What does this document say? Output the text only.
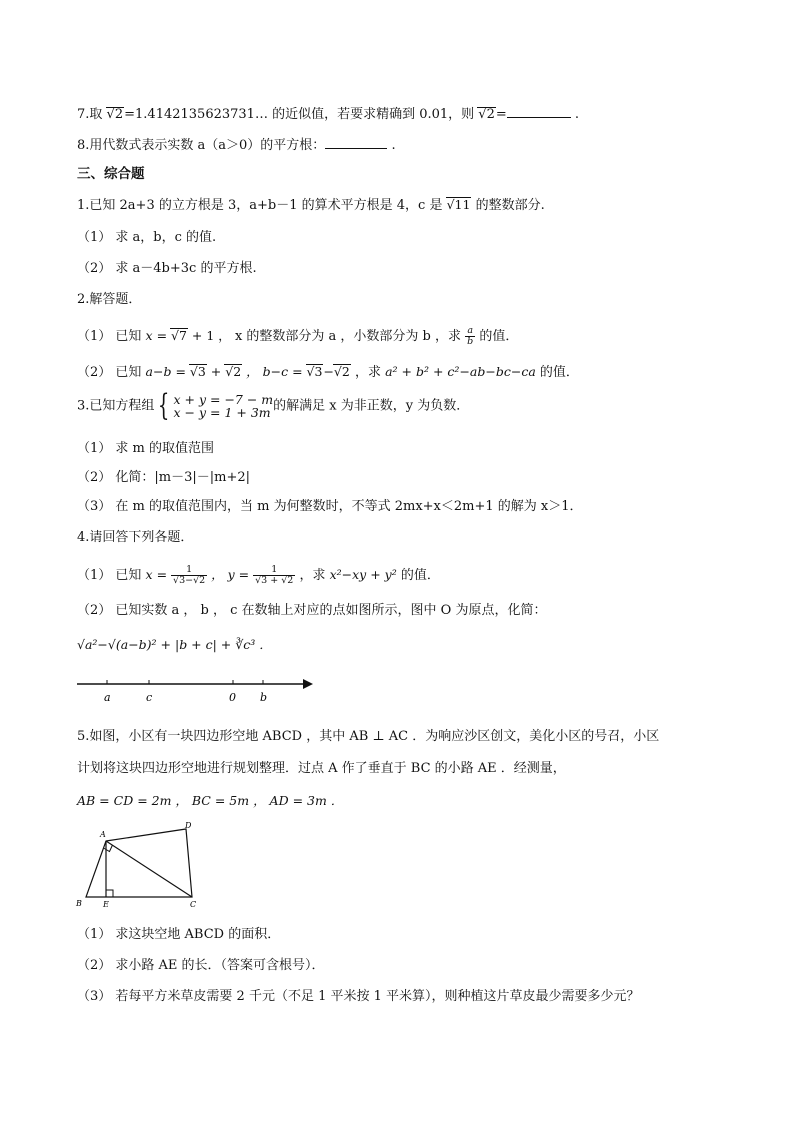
7.取 √2=1.4142135623731… 的近似值，若要求精确到 0.01，则 √2=	.
8.用代数式表示实数 a（a＞0）的平方根：	.
三、综合题
1.已知 2a+3 的立方根是 3，a+b－1 的算术平方根是 4，c 是 √11 的整数部分.
（1） 求 a，b，c 的值.
（2） 求 a－4b+3c 的平方根.
2.解答题．
（1） 已知 x = √7 + 1 ， x 的整数部分为 a ，小数部分为 b ，求 $\frac{a}{b}$ 的值．
（2） 已知 a−b = √3 + √2 ， b−c = √3−√2 ，求 a² + b² + c²−ab−bc−ca 的值．
3.已知方程组 { x + y = −7 − m
x − y = 1 + 3m 的解满足 x 为非正数，y 为负数．
（1） 求 m 的取值范围
（2） 化简：|m－3|－|m+2|
（3） 在 m 的取值范围内，当 m 为何整数时，不等式 2mx+x＜2m+1 的解为 x＞1．
4.请回答下列各题．
（1） 已知 $x = \frac{1}{√3-√2}$ ， $y = \frac{1}{√3 + √2}$ ，求 x²−xy + y² 的值．
（2） 已知实数 a ， b ， c 在数轴上对应的点如图所示，图中 O 为原点，化简：
√a²−√(a−b)² + |b + c| + ∛c³ ．
a	c	0 b
5.如图，小区有一块四边形空地 ABCD ，其中 AB ⊥ AC ．为响应沙区创文，美化小区的号召，小区
计划将这块四边形空地进行规划整理．过点 A 作了垂直于 BC 的小路 AE ．经测量，
AB = CD = 2m ， BC = 5m ， AD = 3m ．
A
D
B	E	C
（1） 求这块空地 ABCD 的面积．
（2） 求小路 AE 的长．（答案可含根号）．
（3） 若每平方米草皮需要 2 千元（不足 1 平米按 1 平米算），则种植这片草皮最少需要多少元？
